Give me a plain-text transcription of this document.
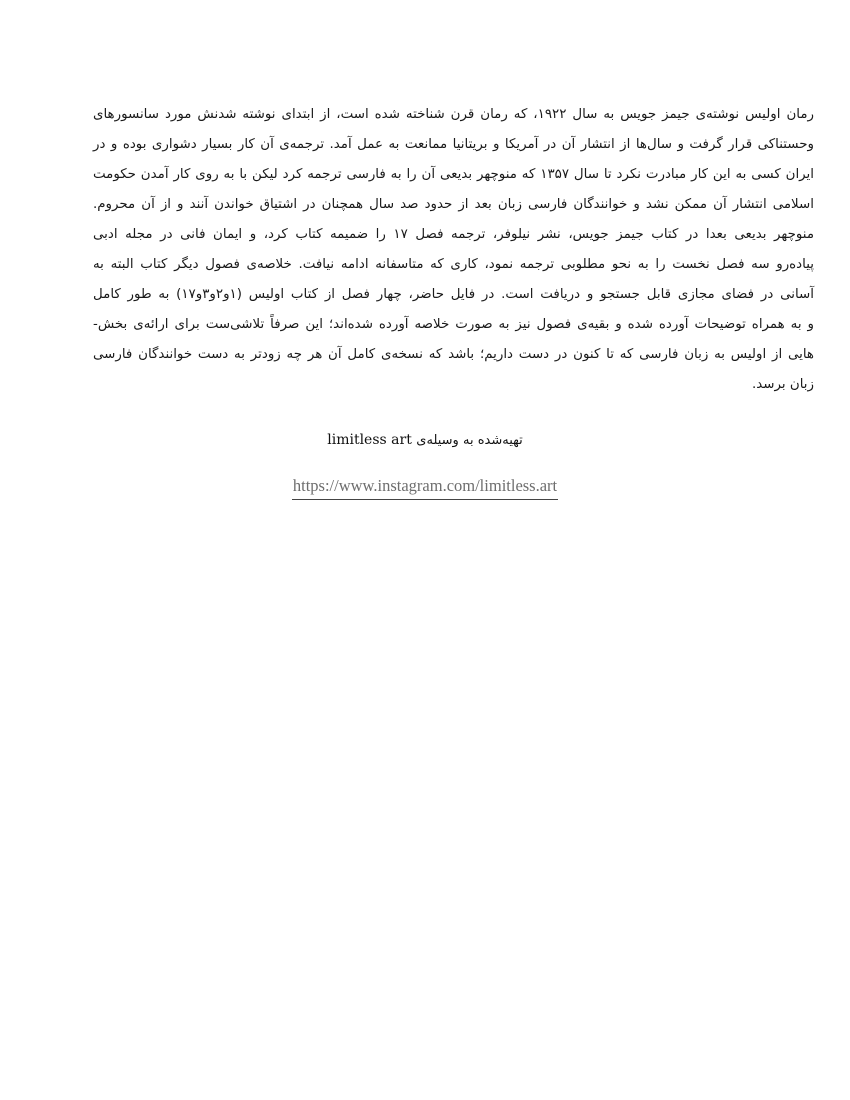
رمان اولیس نوشته‌ی جیمز جویس به سال ۱۹۲۲، که رمان قرن شناخته شده است، از ابتدای نوشته شدنش مورد سانسورهای
وحستناکی قرار گرفت و سال‌ها از انتشار آن در آمریکا و بریتانیا ممانعت به عمل آمد. ترجمه‌ی آن کار بسیار دشواری بوده و در
ایران کسی به این کار مبادرت نکرد تا سال ۱۳۵۷ که منوچهر بدیعی آن را به فارسی ترجمه کرد لیکن با به روی کار آمدن حکومت
اسلامی انتشار آن ممکن نشد و خوانندگان فارسی زبان بعد از حدود صد سال همچنان در اشتیاق خواندن آنند و از آن محروم.
منوچهر بدیعی بعدا در کتاب جیمز جویس، نشر نیلوفر، ترجمه فصل ۱۷ را ضمیمه کتاب کرد، و ایمان فانی در مجله ادبی
پیاده‌رو سه فصل نخست را به نحو مطلوبی ترجمه نمود، کاری که متاسفانه ادامه نیافت. خلاصه‌ی فصول دیگر کتاب البته به
آسانی در فضای مجازی قابل جستجو و دریافت است. در فایل حاضر، چهار فصل از کتاب اولیس (۱و۲و۳و۱۷) به طور کامل
و به همراه توضیحات آورده شده و بقیه‌ی فصول نیز به صورت خلاصه آورده شده‌اند؛ این صرفاً تلاشی‌ست برای ارائه‌ی بخش-
هایی از اولیس به زبان فارسی که تا کنون در دست داریم؛ باشد که نسخه‌ی کامل آن هر چه زودتر به دست خوانندگان فارسی
زبان برسد.
تهیه‌شده به وسیله‌ی limitless art
https://www.instagram.com/limitless.art
